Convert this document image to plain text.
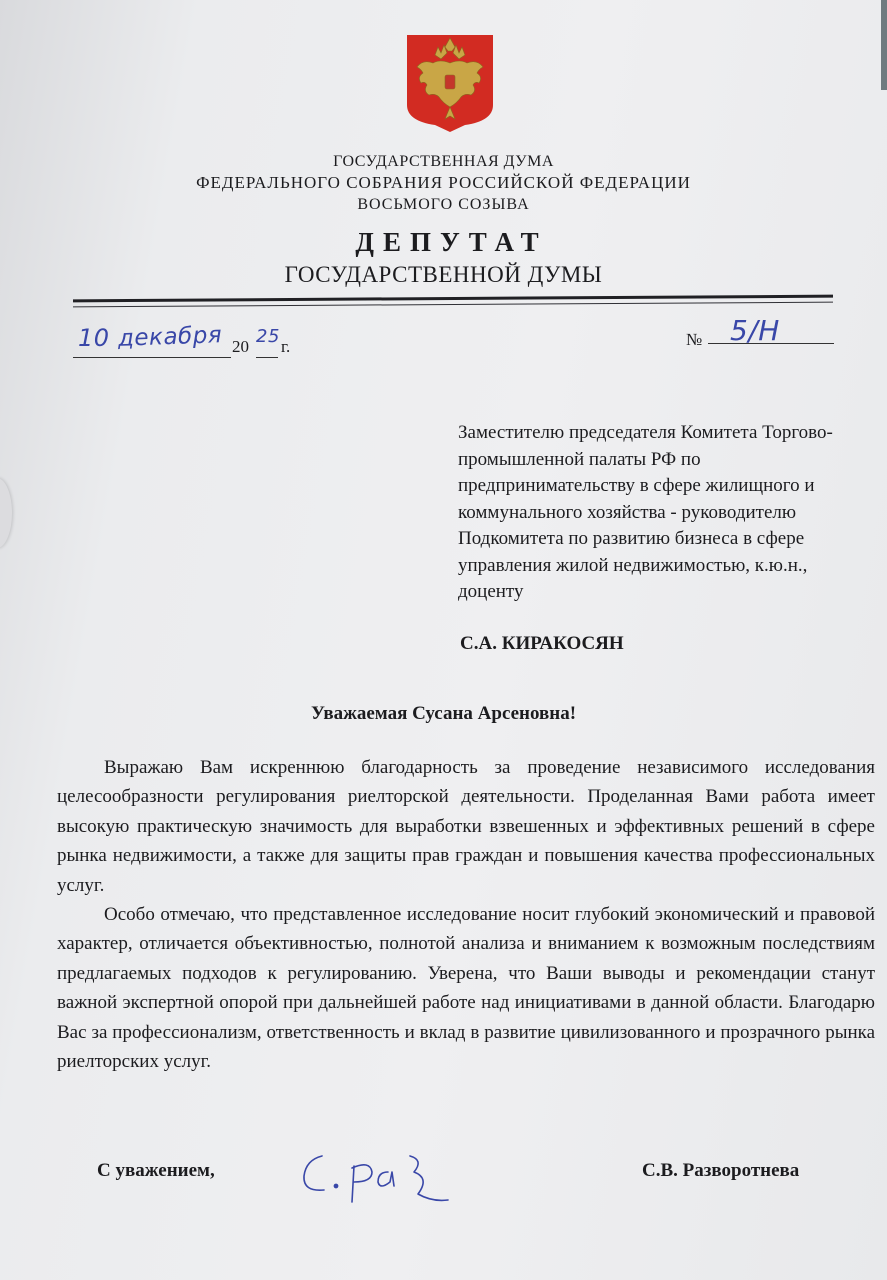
ГОСУДАРСТВЕННАЯ ДУМА
ФЕДЕРАЛЬНОГО СОБРАНИЯ РОССИЙСКОЙ ФЕДЕРАЦИИ
ВОСЬМОГО СОЗЫВА
ДЕПУТАТ
ГОСУДАРСТВЕННОЙ ДУМЫ
10 декабря 20 25 г.	№ 5/Н
Заместителю председателя Комитета Торгово-промышленной палаты РФ по предпринимательству в сфере жилищного и коммунального хозяйства - руководителю Подкомитета по развитию бизнеса в сфере управления жилой недвижимостью, к.ю.н., доценту
С.А. КИРАКОСЯН
Уважаемая Сусана Арсеновна!

Выражаю Вам искреннюю благодарность за проведение независимого исследования целесообразности регулирования риелторской деятельности. Проделанная Вами работа имеет высокую практическую значимость для выработки взвешенных и эффективных решений в сфере рынка недвижимости, а также для защиты прав граждан и повышения качества профессиональных услуг.

Особо отмечаю, что представленное исследование носит глубокий экономический и правовой характер, отличается объективностью, полнотой анализа и вниманием к возможным последствиям предлагаемых подходов к регулированию. Уверена, что Ваши выводы и рекомендации станут важной экспертной опорой при дальнейшей работе над инициативами в данной области. Благодарю Вас за профессионализм, ответственность и вклад в развитие цивилизованного и прозрачного рынка риелторских услуг.

С уважением,	С.В. Разворотнева
